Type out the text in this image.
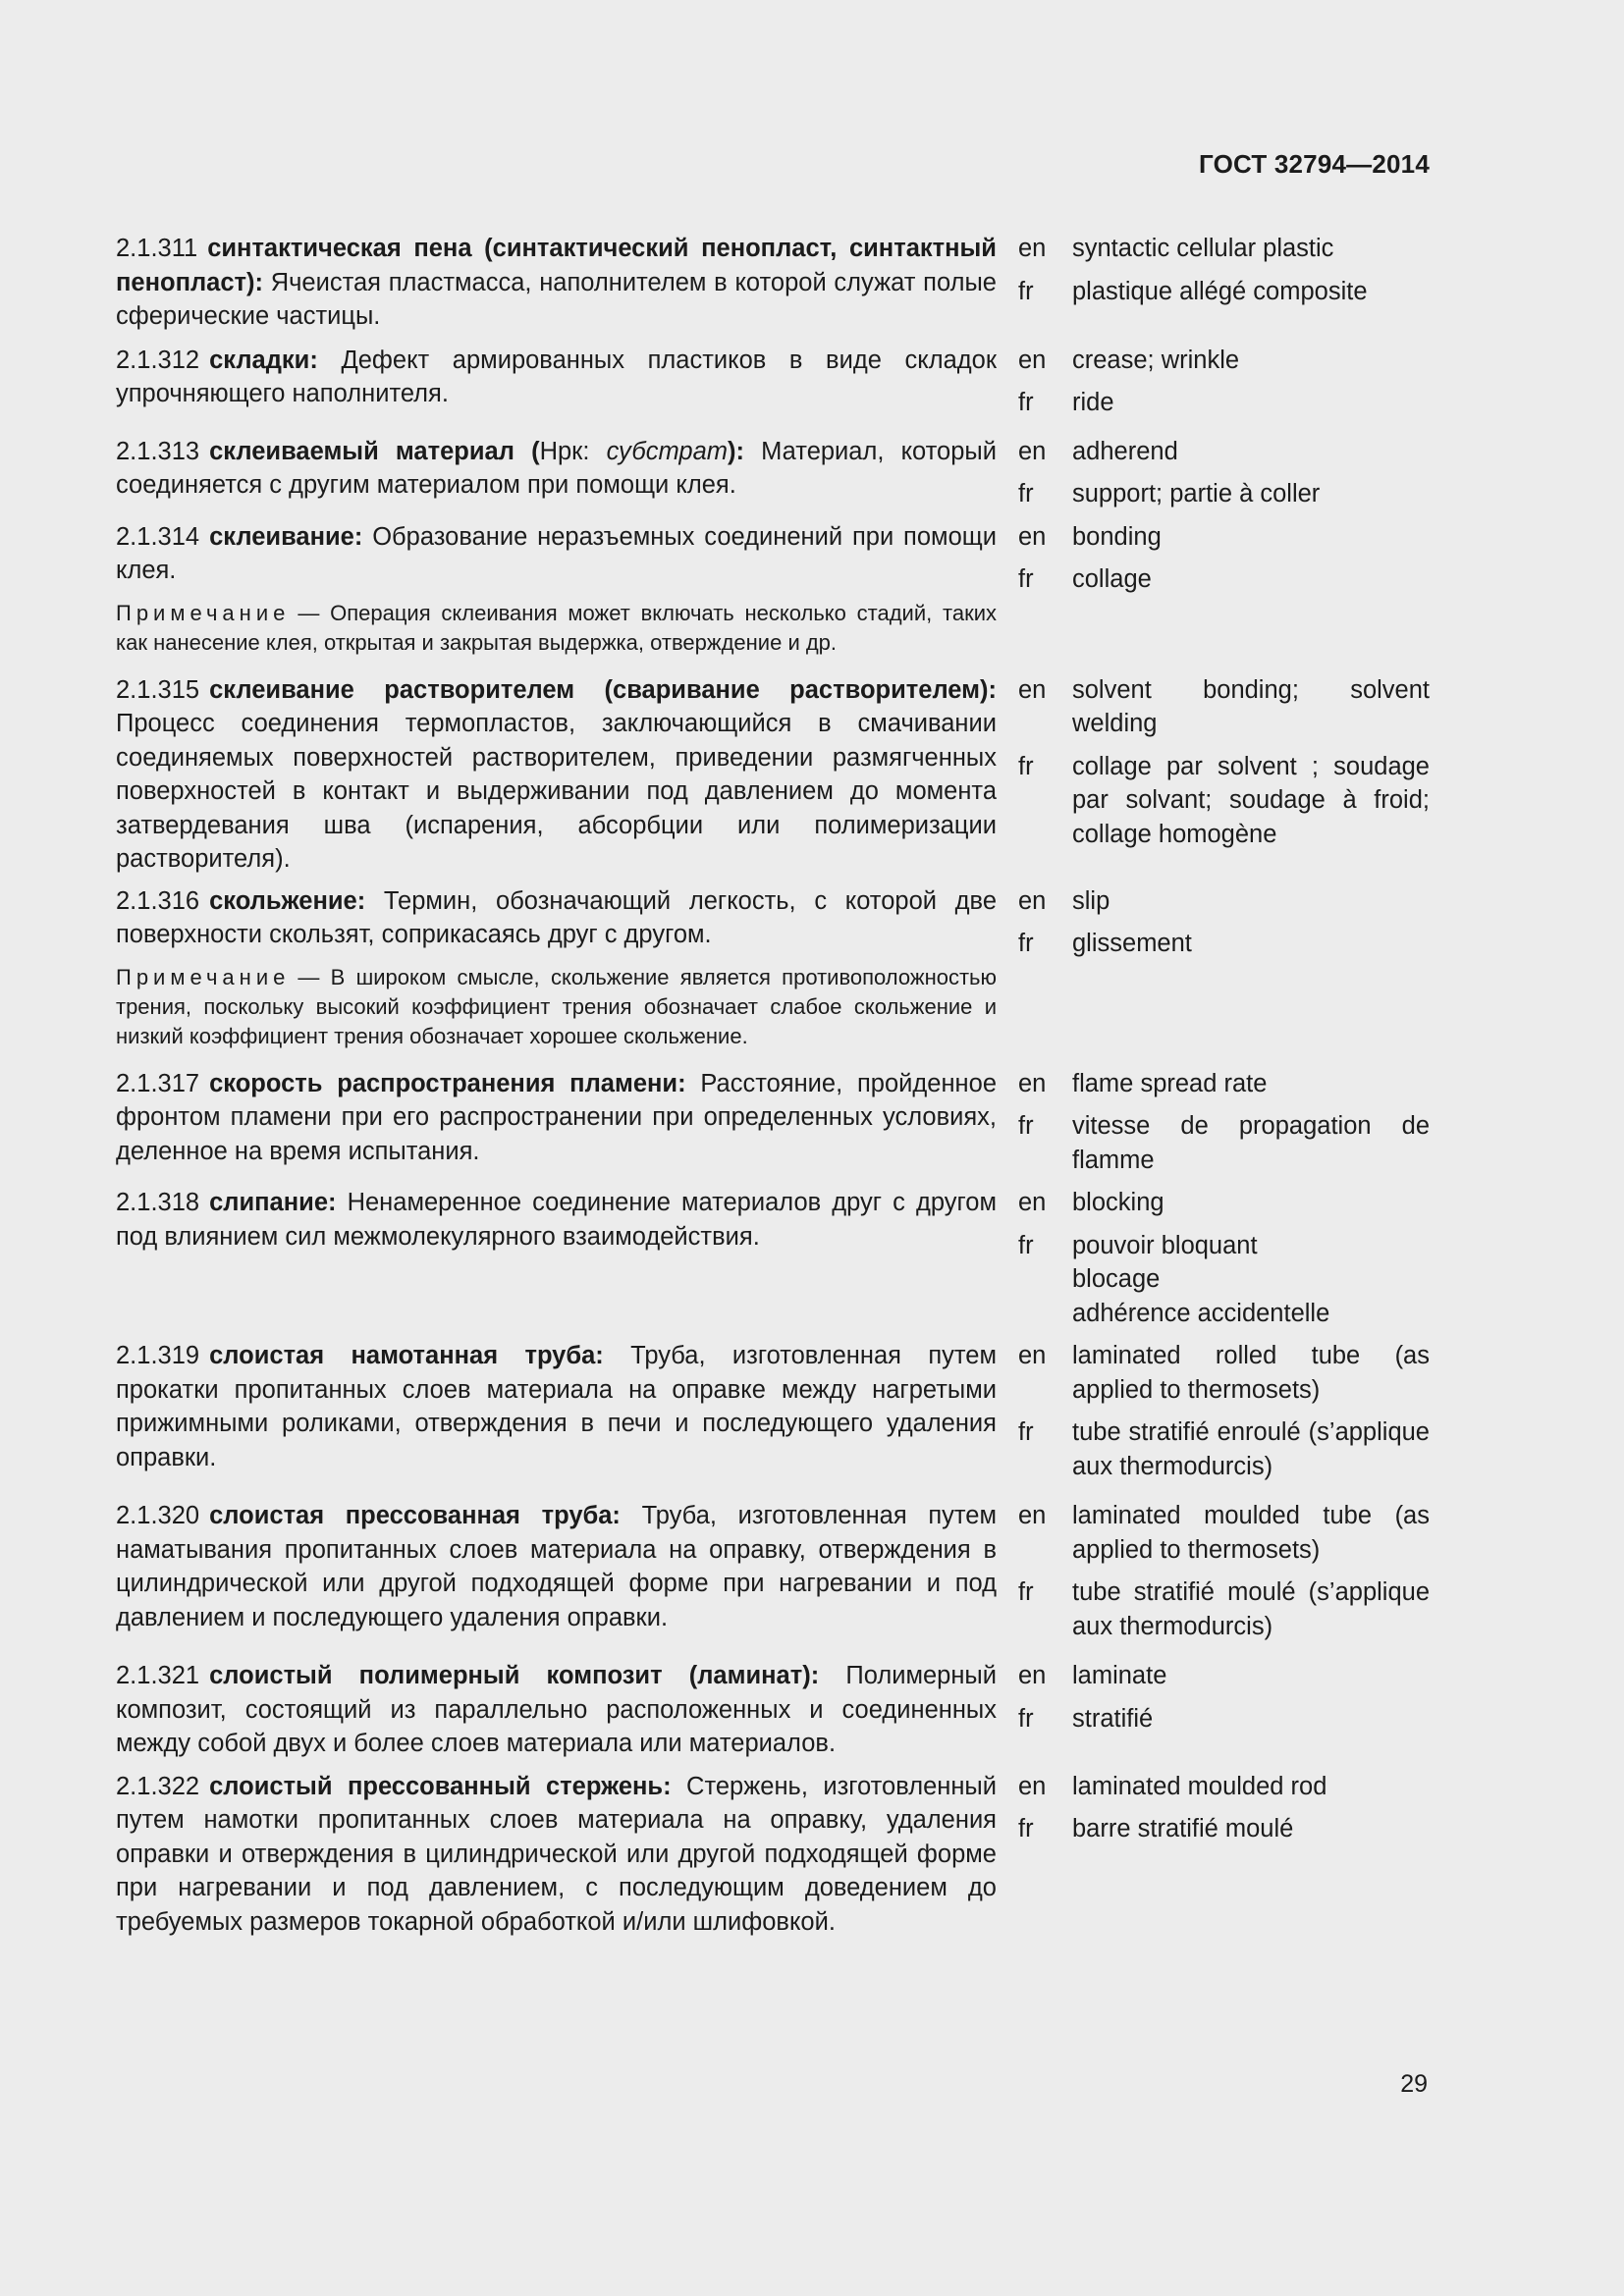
ГОСТ 32794—2014

2.1.311 синтактическая пена (синтактический пенопласт, синтактный пенопласт): Ячеистая пластмасса, наполнителем в которой служат полые сферические частицы.

en	syntactic cellular plastic
fr	plastique allégé composite

2.1.312 складки: Дефект армированных пластиков в виде складок упрочняющего наполнителя.

en	crease; wrinkle
fr	ride

2.1.313 склеиваемый материал (Нрк: субстрат): Материал, который соединяется с другим материалом при помощи клея.

en	adherend
fr	support; partie à coller

2.1.314 склеивание: Образование неразъемных соединений при помощи клея.

Примечание — Операция склеивания может включать несколько стадий, таких как нанесение клея, открытая и закрытая выдержка, отверждение и др.

en	bonding
fr	collage

2.1.315 склеивание растворителем (сваривание растворителем): Процесс соединения термопластов, заключающийся в смачивании соединяемых поверхностей растворителем, приведении размягченных поверхностей в контакт и выдерживании под давлением до момента затвердевания шва (испарения, абсорбции или полимеризации растворителя).

en	solvent bonding; solvent welding
fr	collage par solvent ; soudage par solvant; soudage à froid; collage homogène

2.1.316 скольжение: Термин, обозначающий легкость, с которой две поверхности скользят, соприкасаясь друг с другом.

Примечание — В широком смысле, скольжение является противоположностью трения, поскольку высокий коэффициент трения обозначает слабое скольжение и низкий коэффициент трения обозначает хорошее скольжение.

en	slip
fr	glissement

2.1.317 скорость распространения пламени: Расстояние, пройденное фронтом пламени при его распространении при определенных условиях, деленное на время испытания.

en	flame spread rate
fr	vitesse de propagation de flamme

2.1.318 слипание: Ненамеренное соединение материалов друг с другом под влиянием сил межмолекулярного взаимодействия.

en	blocking
fr	pouvoir bloquant
blocage
adhérence accidentelle

2.1.319 слоистая намотанная труба: Труба, изготовленная путем прокатки пропитанных слоев материала на оправке между нагретыми прижимными роликами, отверждения в печи и последующего удаления оправки.

en	laminated rolled tube (as applied to thermosets)
fr	tube stratifié enroulé (s’applique aux thermodurcis)

2.1.320 слоистая прессованная труба: Труба, изготовленная путем наматывания пропитанных слоев материала на оправку, отверждения в цилиндрической или другой подходящей форме при нагревании и под давлением и последующего удаления оправки.

en	laminated moulded tube (as applied to thermosets)
fr	tube stratifié moulé (s’applique aux thermodurcis)

2.1.321 слоистый полимерный композит (ламинат): Полимерный композит, состоящий из параллельно расположенных и соединенных между собой двух и более слоев материала или материалов.

en	laminate
fr	stratifié

2.1.322 слоистый прессованный стержень: Стержень, изготовленный путем намотки пропитанных слоев материала на оправку, удаления оправки и отверждения в цилиндрической или другой подходящей форме при нагревании и под давлением, с последующим доведением до требуемых размеров токарной обработкой и/или шлифовкой.

en	laminated moulded rod
fr	barre stratifié moulé
29
